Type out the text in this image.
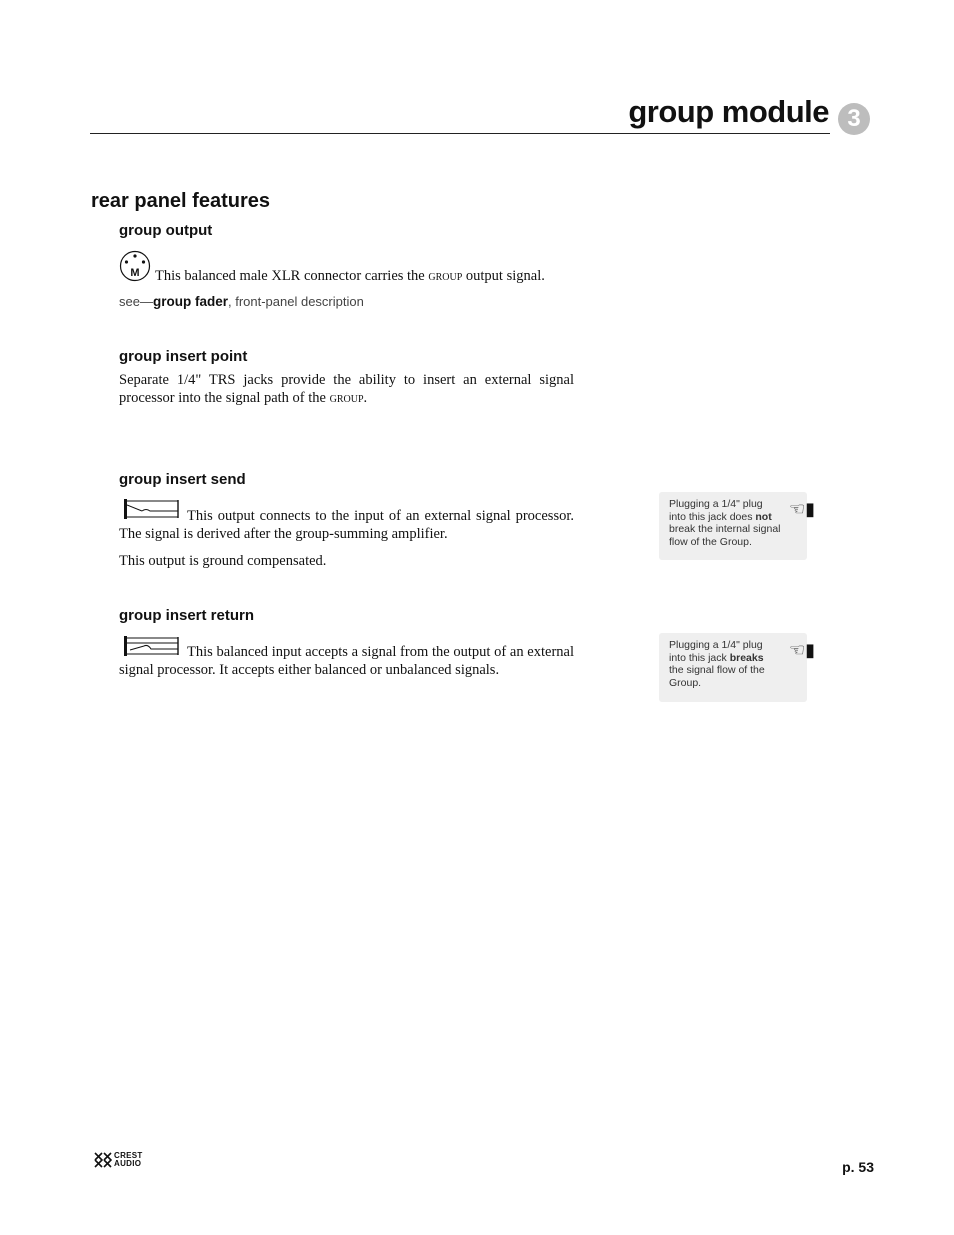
group module 3
rear panel features
group output
M This balanced male XLR connector carries the group output signal.
see—group fader, front-panel description
group insert point
Separate 1/4" TRS jacks provide the ability to insert an external signal processor into the signal path of the group.
group insert send
This output connects to the input of an external signal processor. The signal is derived after the group-summing amplifier.
This output is ground compensated.
Plugging a 1/4" plug into this jack does not break the internal signal flow of the Group.
☜▮
group insert return
This balanced input accepts a signal from the output of an external signal processor. It accepts either balanced or unbalanced signals.
Plugging a 1/4" plug into this jack breaks the signal flow of the Group.
☜▮
CREST
AUDIO	p. 53
